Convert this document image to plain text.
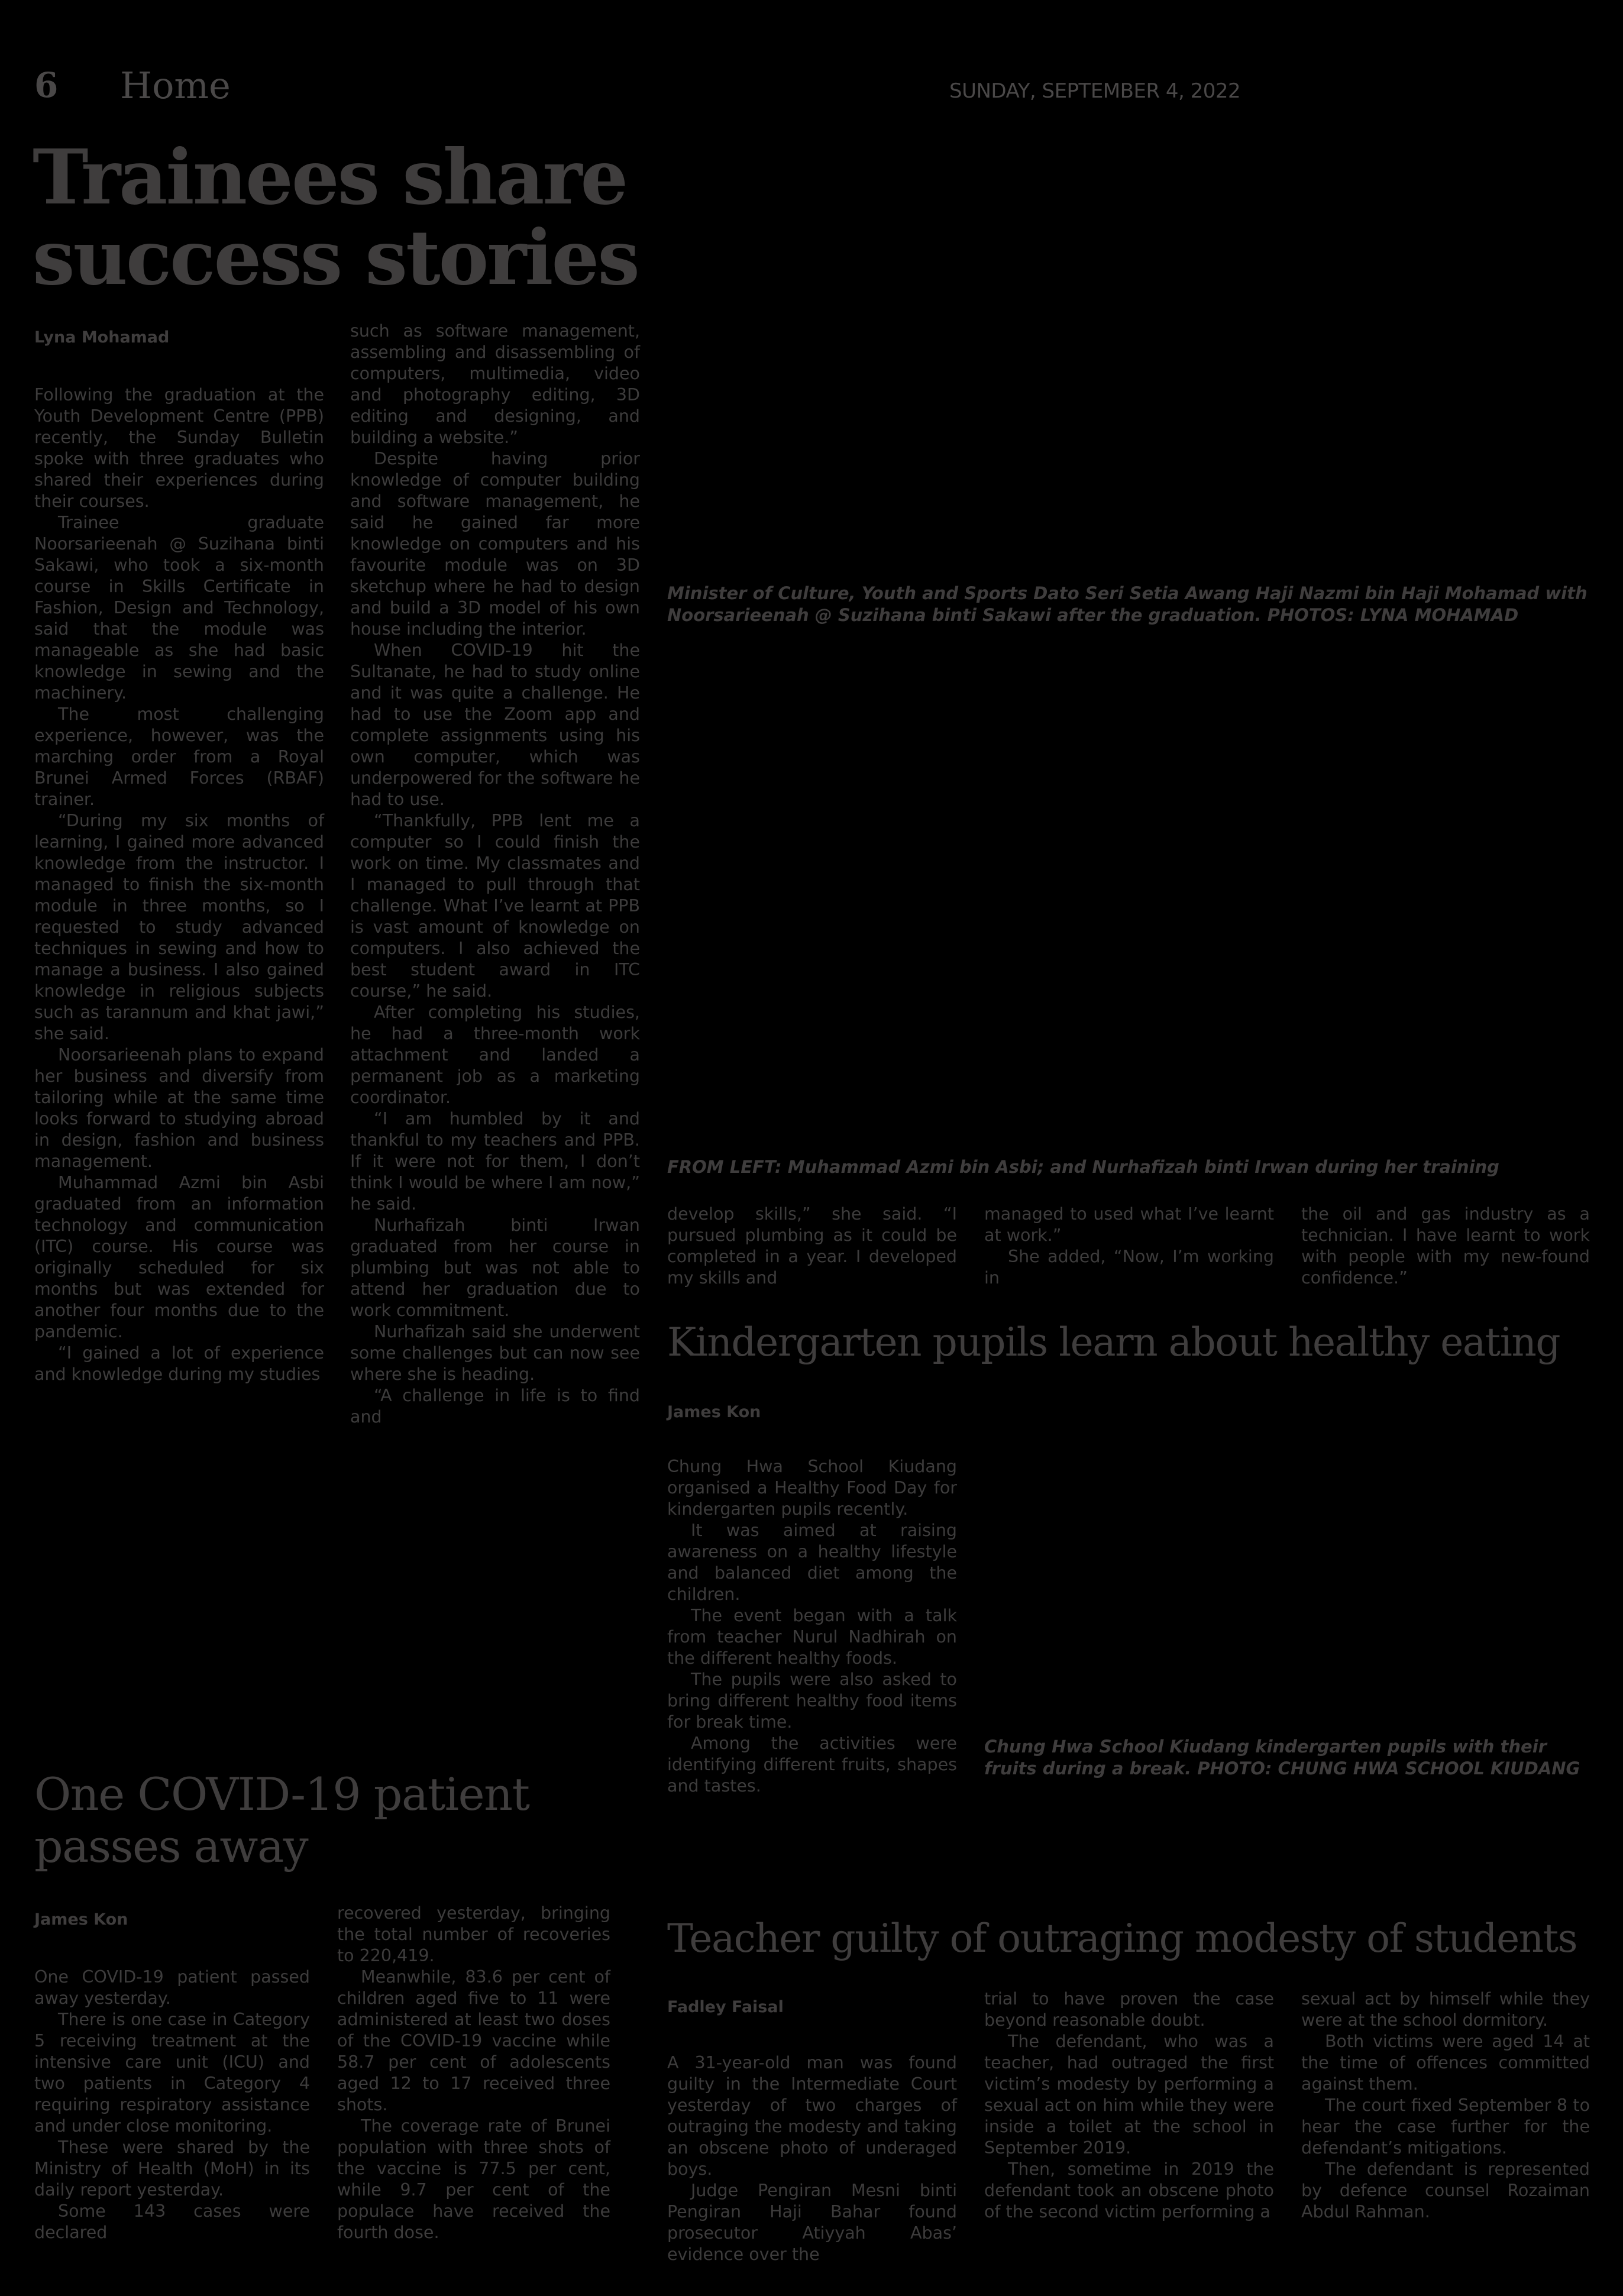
6 Home	SUNDAY, SEPTEMBER 4, 2022
Trainees share success stories
Lyna Mohamad

Following the graduation at the Youth Development Centre (PPB) recently, the Sunday Bulletin spoke with three graduates who shared their experiences during their courses.

Trainee graduate Noorsarieenah @ Suzihana binti Sakawi, who took a six-month course in Skills Certificate in Fashion, Design and Technology, said that the module was manageable as she had basic knowledge in sewing and the machinery.

The most challenging experience, however, was the marching order from a Royal Brunei Armed Forces (RBAF) trainer.

“During my six months of learning, I gained more advanced knowledge from the instructor. I managed to finish the six-month module in three months, so I requested to study advanced techniques in sewing and how to manage a business. I also gained knowledge in religious subjects such as tarannum and khat jawi,” she said.

Noorsarieenah plans to expand her business and diversify from tailoring while at the same time looks forward to studying abroad in design, fashion and business management.

Muhammad Azmi bin Asbi graduated from an information technology and communication (ITC) course. His course was originally scheduled for six months but was extended for another four months due to the pandemic.

“I gained a lot of experience and knowledge during my studies

such as software management, assembling and disassembling of computers, multimedia, video and photography editing, 3D editing and designing, and building a website.”

Despite having prior knowledge of computer building and software management, he said he gained far more knowledge on computers and his favourite module was on 3D sketchup where he had to design and build a 3D model of his own house including the interior.

When COVID-19 hit the Sultanate, he had to study online and it was quite a challenge. He had to use the Zoom app and complete assignments using his own computer, which was underpowered for the software he had to use.

“Thankfully, PPB lent me a computer so I could finish the work on time. My classmates and I managed to pull through that challenge. What I’ve learnt at PPB is vast amount of knowledge on computers. I also achieved the best student award in ITC course,” he said.

After completing his studies, he had a three-month work attachment and landed a permanent job as a marketing coordinator.

“I am humbled by it and thankful to my teachers and PPB. If it were not for them, I don’t think I would be where I am now,” he said.

Nurhafizah binti Irwan graduated from her course in plumbing but was not able to attend her graduation due to work commitment.

Nurhafizah said she underwent some challenges but can now see where she is heading.

“A challenge in life is to find and

Minister of Culture, Youth and Sports Dato Seri Setia Awang Haji Nazmi bin Haji Mohamad with Noorsarieenah @ Suzihana binti Sakawi after the graduation. PHOTOS: LYNA MOHAMAD
FROM LEFT: Muhammad Azmi bin Asbi; and Nurhafizah binti Irwan during her training

develop skills,” she said. “I pursued plumbing as it could be completed in a year. I developed my skills and

managed to used what I’ve learnt at work.”

She added, “Now, I’m working in

the oil and gas industry as a technician. I have learnt to work with people with my new-found confidence.”

Kindergarten pupils learn about healthy eating
James Kon

Chung Hwa School Kiudang organised a Healthy Food Day for kindergarten pupils recently.

It was aimed at raising awareness on a healthy lifestyle and balanced diet among the children.

The event began with a talk from teacher Nurul Nadhirah on the different healthy foods.

The pupils were also asked to bring different healthy food items for break time.

Among the activities were identifying different fruits, shapes and tastes.

Chung Hwa School Kiudang kindergarten pupils with their fruits during a break. PHOTO: CHUNG HWA SCHOOL KIUDANG
One COVID-19 patient passes away
James Kon

One COVID-19 patient passed away yesterday.

There is one case in Category 5 receiving treatment at the intensive care unit (ICU) and two patients in Category 4 requiring respiratory assistance and under close monitoring.

These were shared by the Ministry of Health (MoH) in its daily report yesterday.

Some 143 cases were declared

recovered yesterday, bringing the total number of recoveries to 220,419.

Meanwhile, 83.6 per cent of children aged five to 11 were administered at least two doses of the COVID-19 vaccine while 58.7 per cent of adolescents aged 12 to 17 received three shots.

The coverage rate of Brunei population with three shots of the vaccine is 77.5 per cent, while 9.7 per cent of the populace have received the fourth dose.

Teacher guilty of outraging modesty of students
Fadley Faisal

A 31-year-old man was found guilty in the Intermediate Court yesterday of two charges of outraging the modesty and taking an obscene photo of underaged boys.

Judge Pengiran Mesni binti Pengiran Haji Bahar found prosecutor Atiyyah Abas’ evidence over the

trial to have proven the case beyond reasonable doubt.

The defendant, who was a teacher, had outraged the first victim’s modesty by performing a sexual act on him while they were inside a toilet at the school in September 2019.

Then, sometime in 2019 the defendant took an obscene photo of the second victim performing a

sexual act by himself while they were at the school dormitory.

Both victims were aged 14 at the time of offences committed against them.

The court fixed September 8 to hear the case further for the defendant’s mitigations.

The defendant is represented by defence counsel Rozaiman Abdul Rahman.
